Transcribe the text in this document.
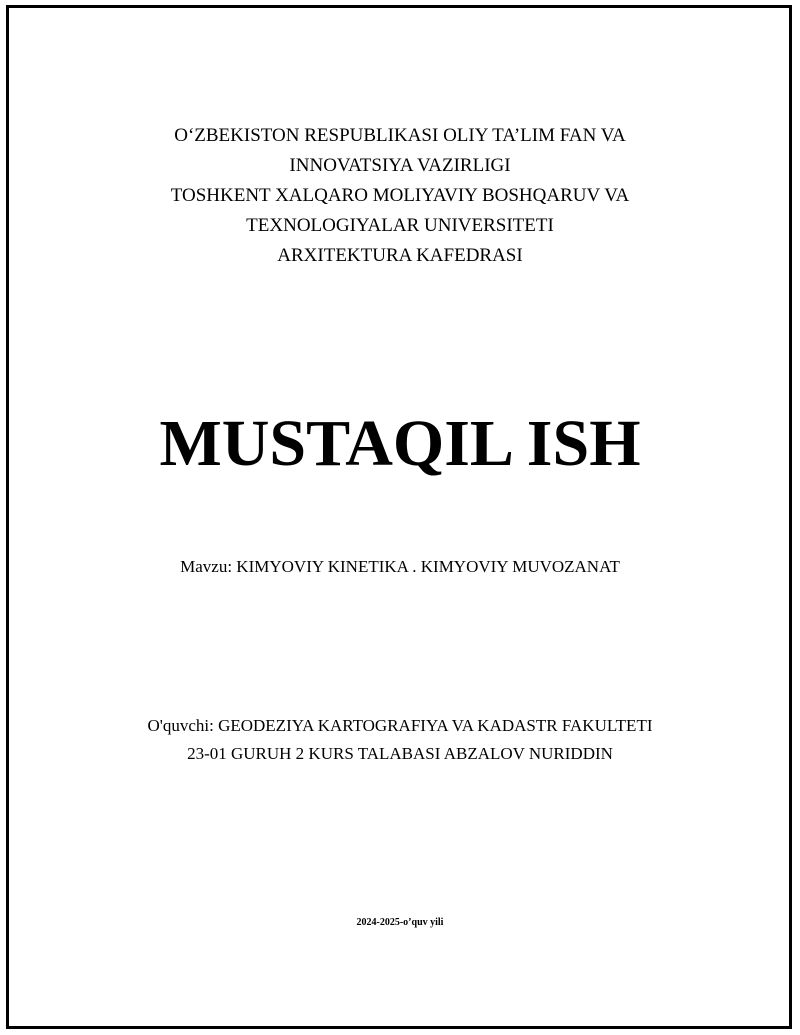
O‘ZBEKISTON RESPUBLIKASI OLIY TA’LIM FAN VA
INNOVATSIYA VAZIRLIGI
TOSHKENT XALQARO MOLIYAVIY BOSHQARUV VA
TEXNOLOGIYALAR UNIVERSITETI
ARXITEKTURA KAFEDRASI
MUSTAQIL ISH
Mavzu: KIMYOVIY KINETIKA . KIMYOVIY MUVOZANAT
O'quvchi: GEODEZIYA KARTOGRAFIYA VA KADASTR FAKULTETI
23-01 GURUH 2 KURS TALABASI ABZALOV NURIDDIN
2024-2025-o’quv yili
